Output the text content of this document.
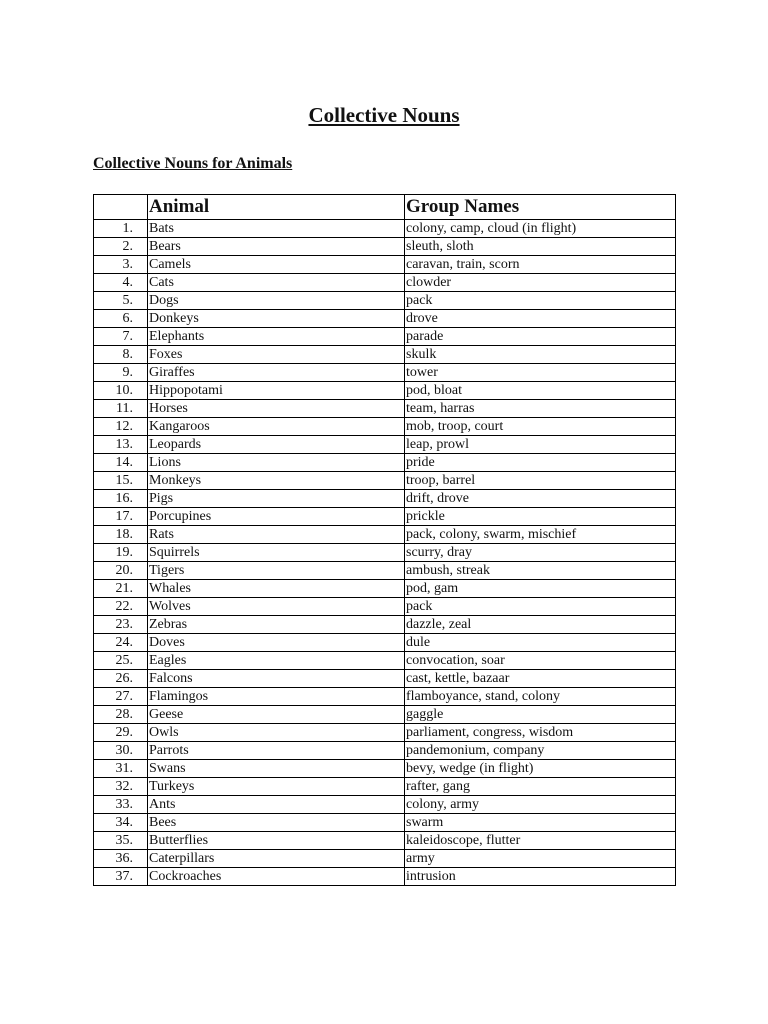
Collective Nouns
Collective Nouns for Animals
	Animal	Group Names
1.	Bats	colony, camp, cloud (in flight)
2.	Bears	sleuth, sloth
3.	Camels	caravan, train, scorn
4.	Cats	clowder
5.	Dogs	pack
6.	Donkeys	drove
7.	Elephants	parade
8.	Foxes	skulk
9.	Giraffes	tower
10.	Hippopotami	pod, bloat
11.	Horses	team, harras
12.	Kangaroos	mob, troop, court
13.	Leopards	leap, prowl
14.	Lions	pride
15.	Monkeys	troop, barrel
16.	Pigs	drift, drove
17.	Porcupines	prickle
18.	Rats	pack, colony, swarm, mischief
19.	Squirrels	scurry, dray
20.	Tigers	ambush, streak
21.	Whales	pod, gam
22.	Wolves	pack
23.	Zebras	dazzle, zeal
24.	Doves	dule
25.	Eagles	convocation, soar
26.	Falcons	cast, kettle, bazaar
27.	Flamingos	flamboyance, stand, colony
28.	Geese	gaggle
29.	Owls	parliament, congress, wisdom
30.	Parrots	pandemonium, company
31.	Swans	bevy, wedge (in flight)
32.	Turkeys	rafter, gang
33.	Ants	colony, army
34.	Bees	swarm
35.	Butterflies	kaleidoscope, flutter
36.	Caterpillars	army
37.	Cockroaches	intrusion
